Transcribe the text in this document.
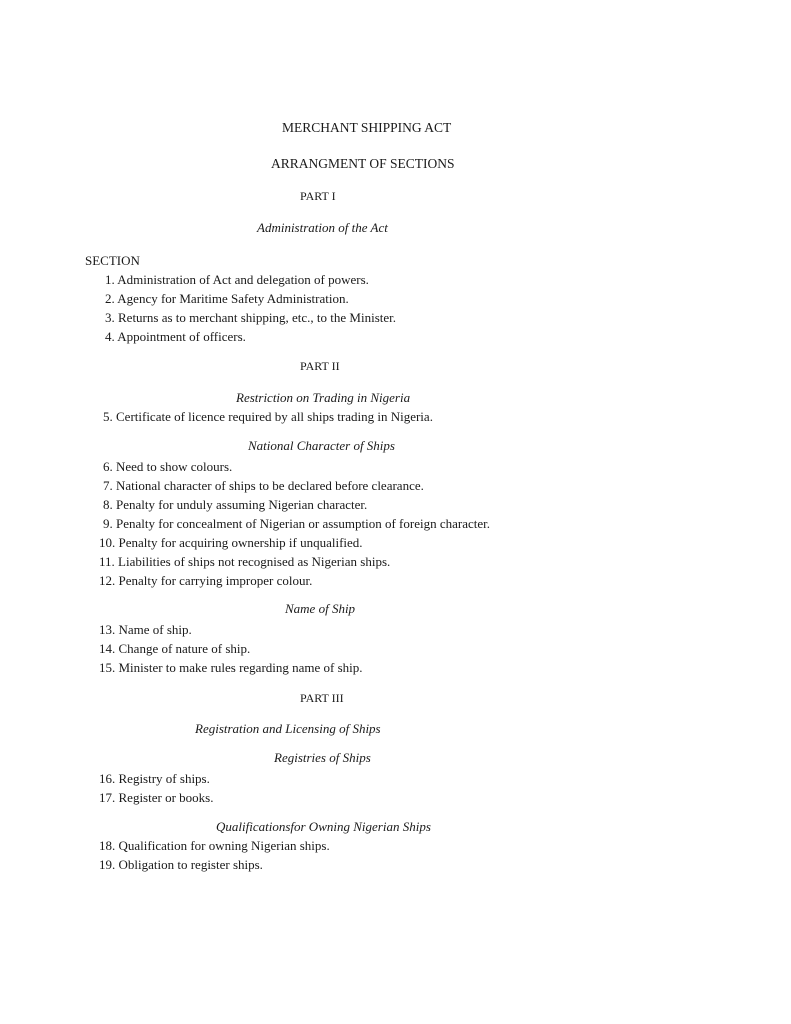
MERCHANT SHIPPING ACT
ARRANGMENT OF SECTIONS
PART I
Administration of the Act
SECTION
1. Administration of Act and delegation of powers.
2. Agency for Maritime Safety Administration.
3. Returns as to merchant shipping, etc., to the Minister.
4. Appointment of officers.
PART II
Restriction on Trading in Nigeria
5. Certificate of licence required by all ships trading in Nigeria.
National Character of Ships
6. Need to show colours.
7. National character of ships to be declared before clearance.
8. Penalty for unduly assuming Nigerian character.
9. Penalty for concealment of Nigerian or assumption of foreign character.
10. Penalty for acquiring ownership if unqualified.
11. Liabilities of ships not recognised as Nigerian ships.
12. Penalty for carrying improper colour.
Name of Ship
13. Name of ship.
14. Change of nature of ship.
15. Minister to make rules regarding name of ship.
PART III
Registration and Licensing of Ships
Registries of Ships
16. Registry of ships.
17. Register or books.
Qualificationsfor Owning Nigerian Ships
18. Qualification for owning Nigerian ships.
19. Obligation to register ships.
